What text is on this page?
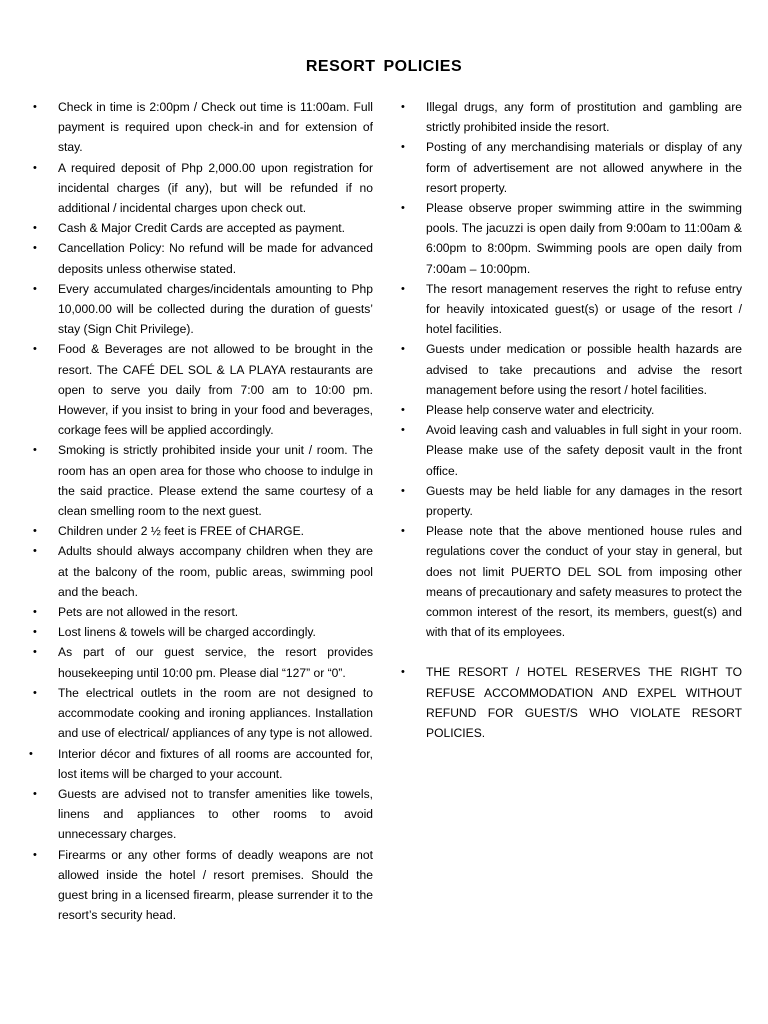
RESORT POLICIES
• Check in time is 2:00pm / Check out time is 11:00am. Full payment is required upon check-in and for extension of stay.
• A required deposit of Php 2,000.00 upon registration for incidental charges (if any), but will be refunded if no additional / incidental charges upon check out.
• Cash & Major Credit Cards are accepted as payment.
• Cancellation Policy: No refund will be made for advanced deposits unless otherwise stated.
• Every accumulated charges/incidentals amounting to Php 10,000.00 will be collected during the duration of guests’ stay (Sign Chit Privilege).
• Food & Beverages are not allowed to be brought in the resort. The CAFÉ DEL SOL & LA PLAYA restaurants are open to serve you daily from 7:00 am to 10:00 pm. However, if you insist to bring in your food and beverages, corkage fees will be applied accordingly.
• Smoking is strictly prohibited inside your unit / room. The room has an open area for those who choose to indulge in the said practice. Please extend the same courtesy of a clean smelling room to the next guest.
• Children under 2 ½ feet is FREE of CHARGE.
• Adults should always accompany children when they are at the balcony of the room, public areas, swimming pool and the beach.
• Pets are not allowed in the resort.
• Lost linens & towels will be charged accordingly.
• As part of our guest service, the resort provides housekeeping until 10:00 pm. Please dial “127” or “0”.
• The electrical outlets in the room are not designed to accommodate cooking and ironing appliances. Installation and use of electrical/ appliances of any type is not allowed.
• Interior décor and fixtures of all rooms are accounted for, lost items will be charged to your account.
• Guests are advised not to transfer amenities like towels, linens and appliances to other rooms to avoid unnecessary charges.
• Firearms or any other forms of deadly weapons are not allowed inside the hotel / resort premises. Should the guest bring in a licensed firearm, please surrender it to the resort’s security head.
• Illegal drugs, any form of prostitution and gambling are strictly prohibited inside the resort.
• Posting of any merchandising materials or display of any form of advertisement are not allowed anywhere in the resort property.
• Please observe proper swimming attire in the swimming pools. The jacuzzi is open daily from 9:00am to 11:00am & 6:00pm to 8:00pm. Swimming pools are open daily from 7:00am – 10:00pm.
• The resort management reserves the right to refuse entry for heavily intoxicated guest(s) or usage of the resort / hotel facilities.
• Guests under medication or possible health hazards are advised to take precautions and advise the resort management before using the resort / hotel facilities.
• Please help conserve water and electricity.
• Avoid leaving cash and valuables in full sight in your room. Please make use of the safety deposit vault in the front office.
• Guests may be held liable for any damages in the resort property.
• Please note that the above mentioned house rules and regulations cover the conduct of your stay in general, but does not limit PUERTO DEL SOL from imposing other means of precautionary and safety measures to protect the common interest of the resort, its members, guest(s) and with that of its employees.
• THE RESORT / HOTEL RESERVES THE RIGHT TO REFUSE ACCOMMODATION AND EXPEL WITHOUT REFUND FOR GUEST/S WHO VIOLATE RESORT POLICIES.
